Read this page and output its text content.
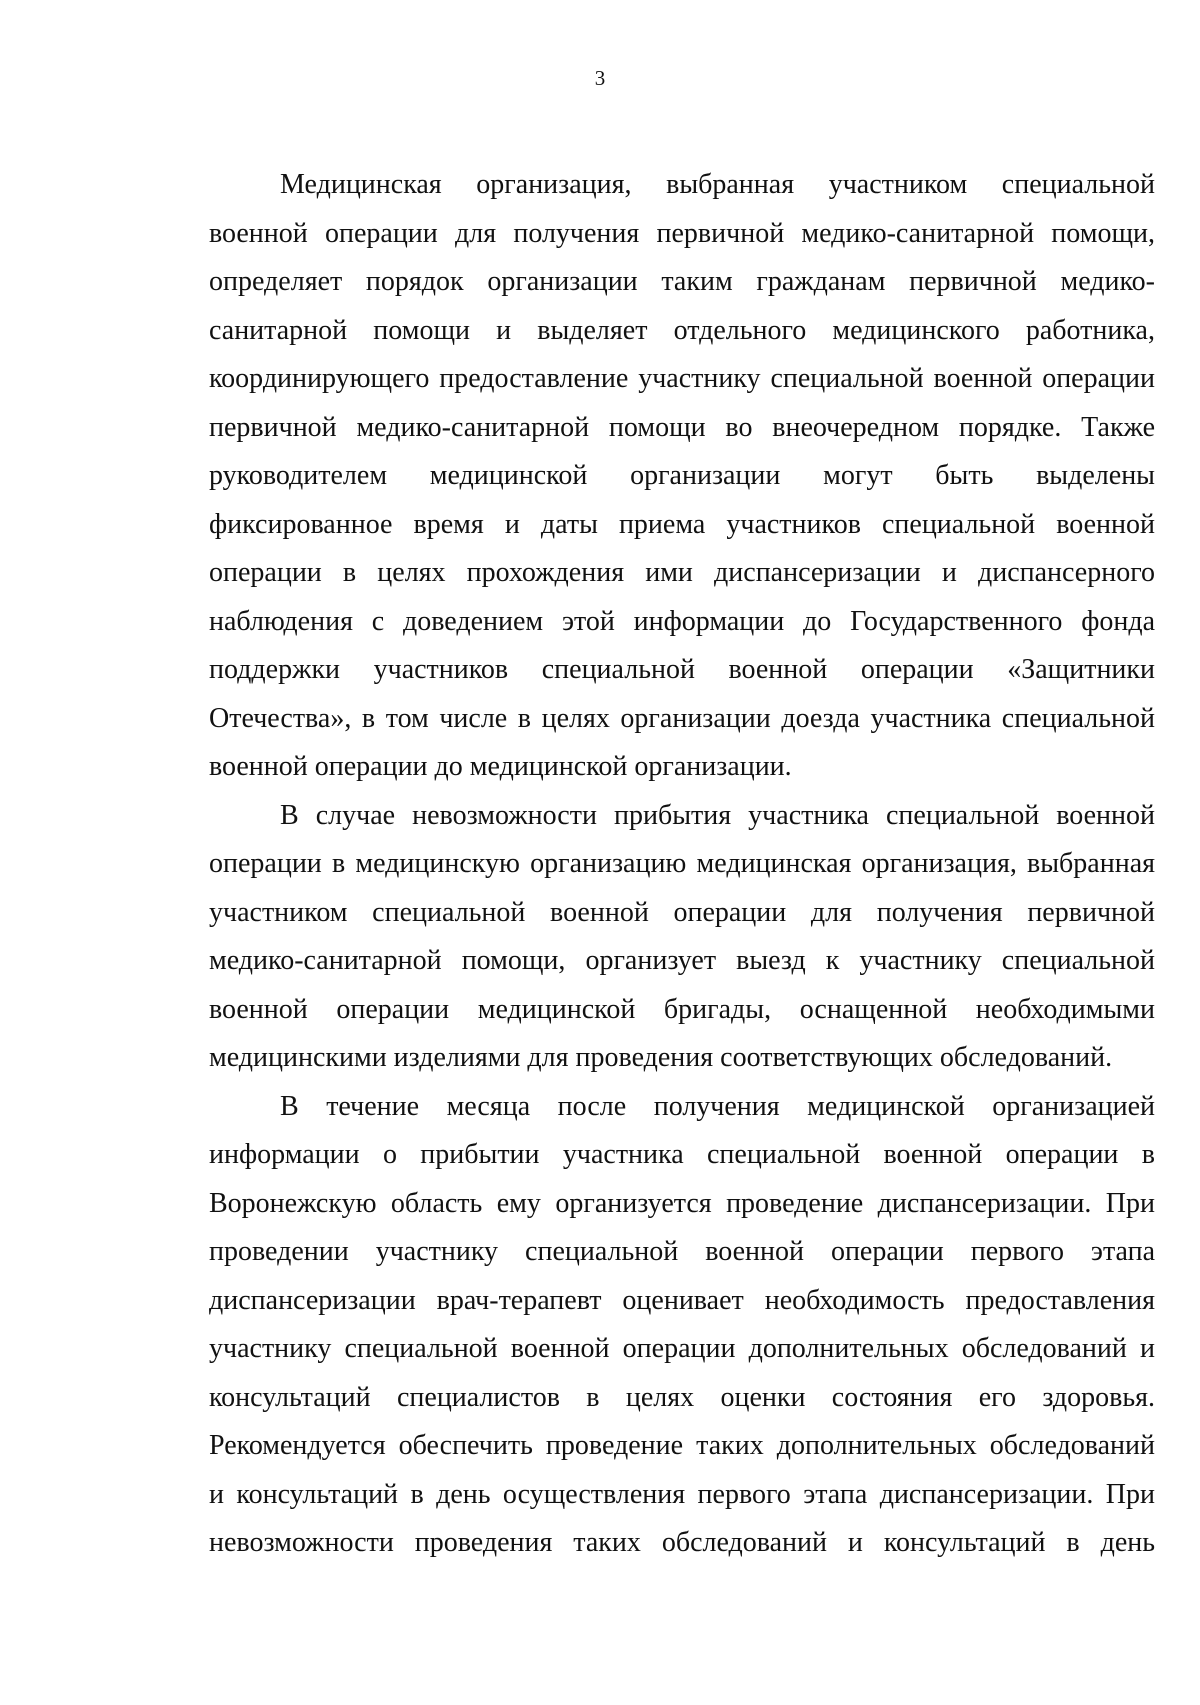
3
Медицинская организация, выбранная участником специальной
военной операции для получения первичной медико-санитарной помощи,
определяет порядок организации таким гражданам первичной медико-
санитарной помощи и выделяет отдельного медицинского работника,
координирующего предоставление участнику специальной военной операции
первичной медико-санитарной помощи во внеочередном порядке. Также
руководителем медицинской организации могут быть выделены
фиксированное время и даты приема участников специальной военной
операции в целях прохождения ими диспансеризации и диспансерного
наблюдения с доведением этой информации до Государственного фонда
поддержки участников специальной военной операции «Защитники
Отечества», в том числе в целях организации доезда участника специальной
военной операции до медицинской организации.
В случае невозможности прибытия участника специальной военной
операции в медицинскую организацию медицинская организация, выбранная
участником специальной военной операции для получения первичной
медико-санитарной помощи, организует выезд к участнику специальной
военной операции медицинской бригады, оснащенной необходимыми
медицинскими изделиями для проведения соответствующих обследований.
В течение месяца после получения медицинской организацией
информации о прибытии участника специальной военной операции в
Воронежскую область ему организуется проведение диспансеризации. При
проведении участнику специальной военной операции первого этапа
диспансеризации врач-терапевт оценивает необходимость предоставления
участнику специальной военной операции дополнительных обследований и
консультаций специалистов в целях оценки состояния его здоровья.
Рекомендуется обеспечить проведение таких дополнительных обследований
и консультаций в день осуществления первого этапа диспансеризации. При
невозможности проведения таких обследований и консультаций в день
